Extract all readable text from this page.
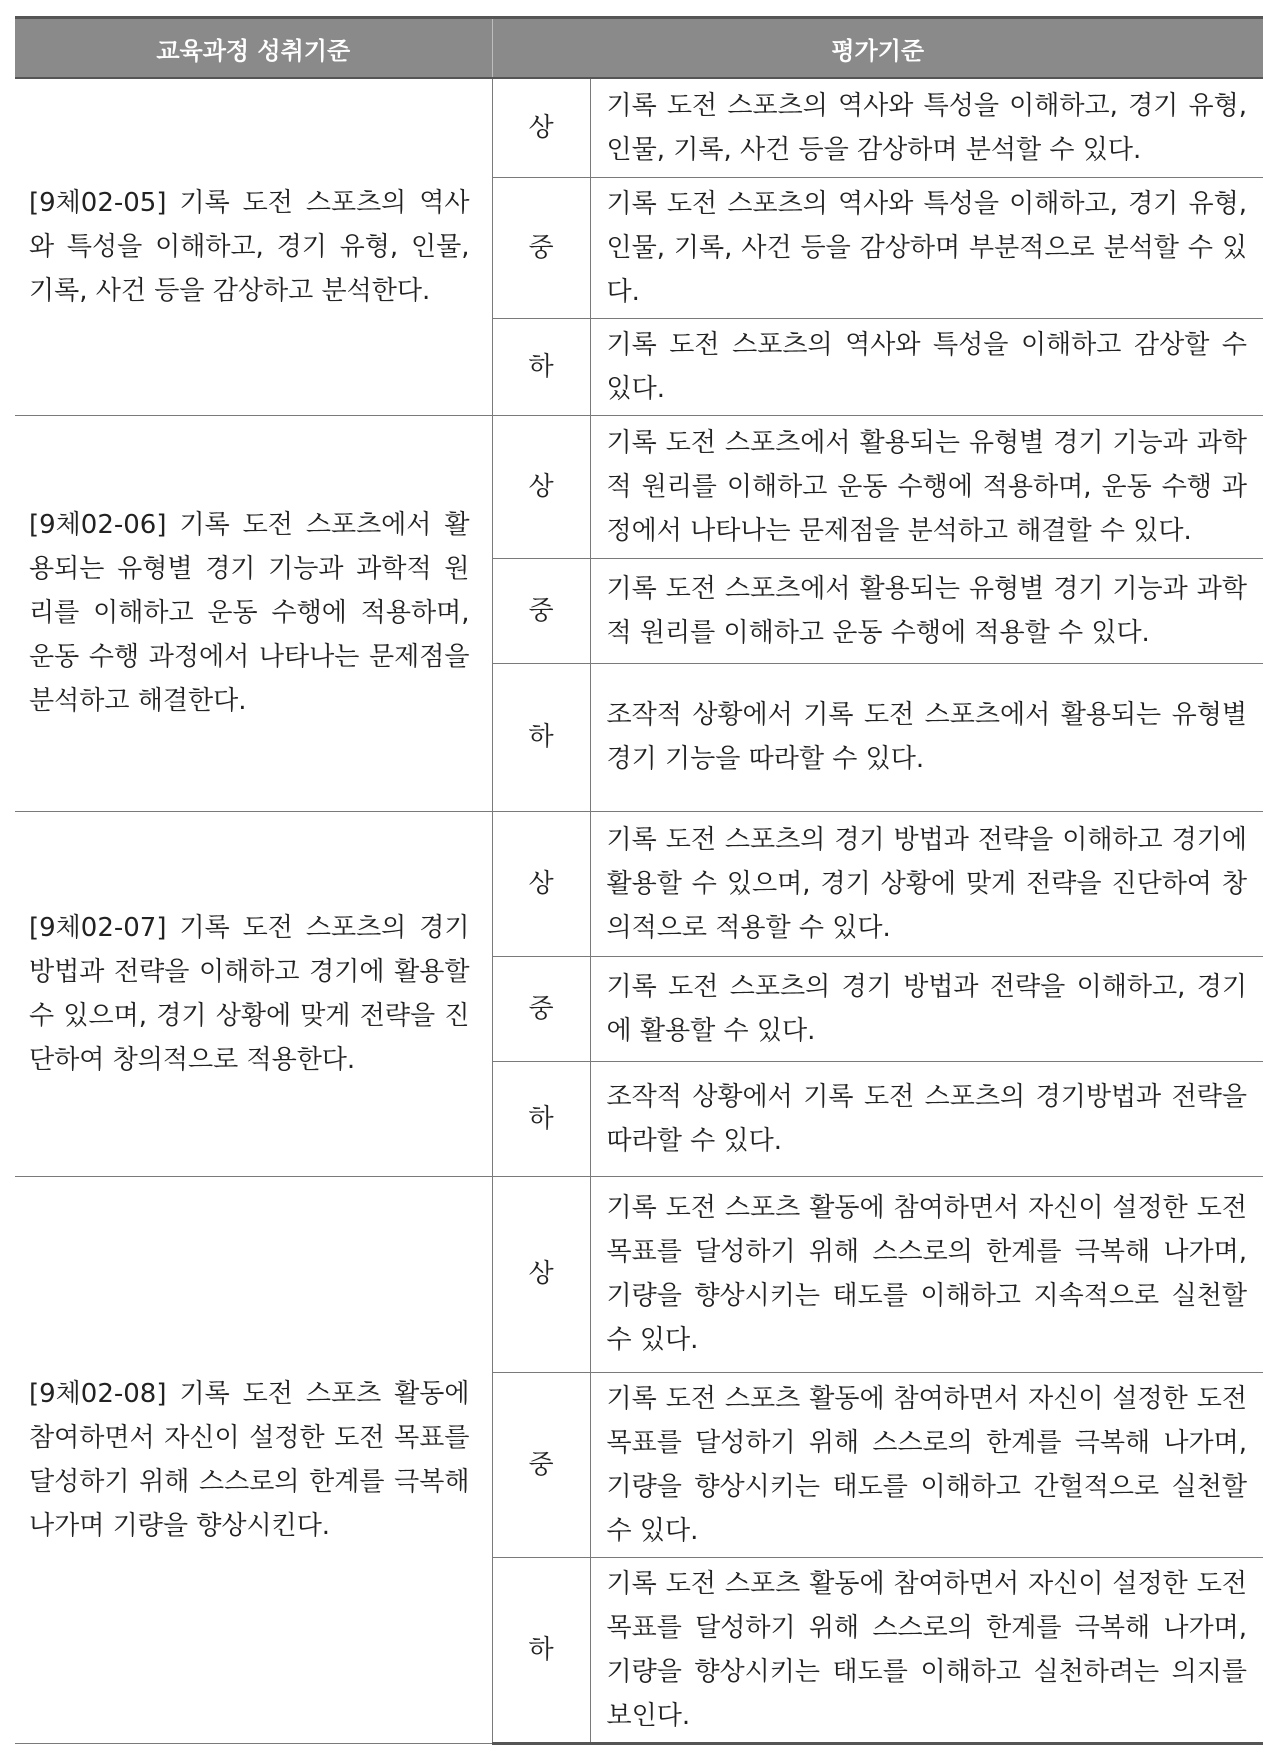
교육과정 성취기준	평가기준	
[9체02-05] 기록 도전 스포츠의 역사와 특성을 이해하고, 경기 유형, 인물, 기록, 사건 등을 감상하고 분석한다.	상	기록 도전 스포츠의 역사와 특성을 이해하고, 경기 유형, 인물, 기록, 사건 등을 감상하며 분석할 수 있다.
	중	기록 도전 스포츠의 역사와 특성을 이해하고, 경기 유형, 인물, 기록, 사건 등을 감상하며 부분적으로 분석할 수 있다.
	하	기록 도전 스포츠의 역사와 특성을 이해하고 감상할 수 있다.
[9체02-06] 기록 도전 스포츠에서 활용되는 유형별 경기 기능과 과학적 원리를 이해하고 운동 수행에 적용하며, 운동 수행 과정에서 나타나는 문제점을 분석하고 해결한다.	상	기록 도전 스포츠에서 활용되는 유형별 경기 기능과 과학적 원리를 이해하고 운동 수행에 적용하며, 운동 수행 과정에서 나타나는 문제점을 분석하고 해결할 수 있다.
	중	기록 도전 스포츠에서 활용되는 유형별 경기 기능과 과학적 원리를 이해하고 운동 수행에 적용할 수 있다.
	하	조작적 상황에서 기록 도전 스포츠에서 활용되는 유형별 경기 기능을 따라할 수 있다.
[9체02-07] 기록 도전 스포츠의 경기 방법과 전략을 이해하고 경기에 활용할 수 있으며, 경기 상황에 맞게 전략을 진단하여 창의적으로 적용한다.	상	기록 도전 스포츠의 경기 방법과 전략을 이해하고 경기에 활용할 수 있으며, 경기 상황에 맞게 전략을 진단하여 창의적으로 적용할 수 있다.
	중	기록 도전 스포츠의 경기 방법과 전략을 이해하고, 경기에 활용할 수 있다.
	하	조작적 상황에서 기록 도전 스포츠의 경기방법과 전략을 따라할 수 있다.
[9체02-08] 기록 도전 스포츠 활동에 참여하면서 자신이 설정한 도전 목표를 달성하기 위해 스스로의 한계를 극복해 나가며 기량을 향상시킨다.	상	기록 도전 스포츠 활동에 참여하면서 자신이 설정한 도전 목표를 달성하기 위해 스스로의 한계를 극복해 나가며, 기량을 향상시키는 태도를 이해하고 지속적으로 실천할 수 있다.
	중	기록 도전 스포츠 활동에 참여하면서 자신이 설정한 도전 목표를 달성하기 위해 스스로의 한계를 극복해 나가며, 기량을 향상시키는 태도를 이해하고 간헐적으로 실천할 수 있다.
	하	기록 도전 스포츠 활동에 참여하면서 자신이 설정한 도전 목표를 달성하기 위해 스스로의 한계를 극복해 나가며, 기량을 향상시키는 태도를 이해하고 실천하려는 의지를 보인다.
